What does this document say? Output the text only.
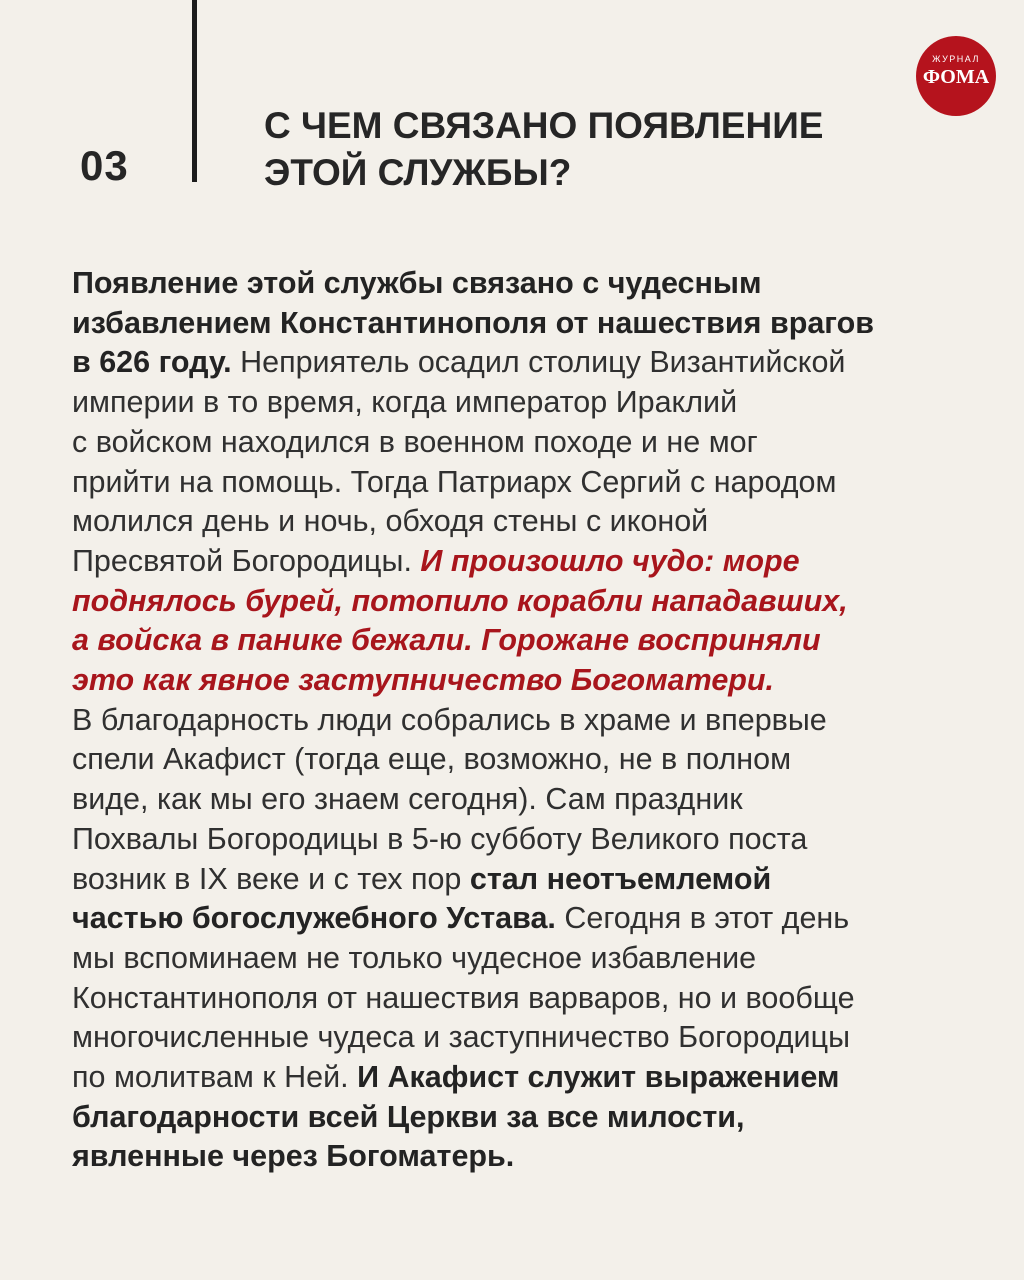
03
С ЧЕМ СВЯЗАНО ПОЯВЛЕНИЕ
ЭТОЙ СЛУЖБЫ?
ЖУРНАЛ
ФОМА
Появление этой службы связано с чудесным
избавлением Константинополя от нашествия врагов
в 626 году. Неприятель осадил столицу Византийской
империи в то время, когда император Ираклий
с войском находился в военном походе и не мог
прийти на помощь. Тогда Патриарх Сергий с народом
молился день и ночь, обходя стены с иконой
Пресвятой Богородицы. И произошло чудо: море
поднялось бурей, потопило корабли нападавших,
а войска в панике бежали. Горожане восприняли
это как явное заступничество Богоматери.
В благодарность люди собрались в храме и впервые
спели Акафист (тогда еще, возможно, не в полном
виде, как мы его знаем сегодня). Сам праздник
Похвалы Богородицы в 5-ю субботу Великого поста
возник в IX веке и с тех пор стал неотъемлемой
частью богослужебного Устава. Сегодня в этот день
мы вспоминаем не только чудесное избавление
Константинополя от нашествия варваров, но и вообще
многочисленные чудеса и заступничество Богородицы
по молитвам к Ней. И Акафист служит выражением
благодарности всей Церкви за все милости,
явленные через Богоматерь.
